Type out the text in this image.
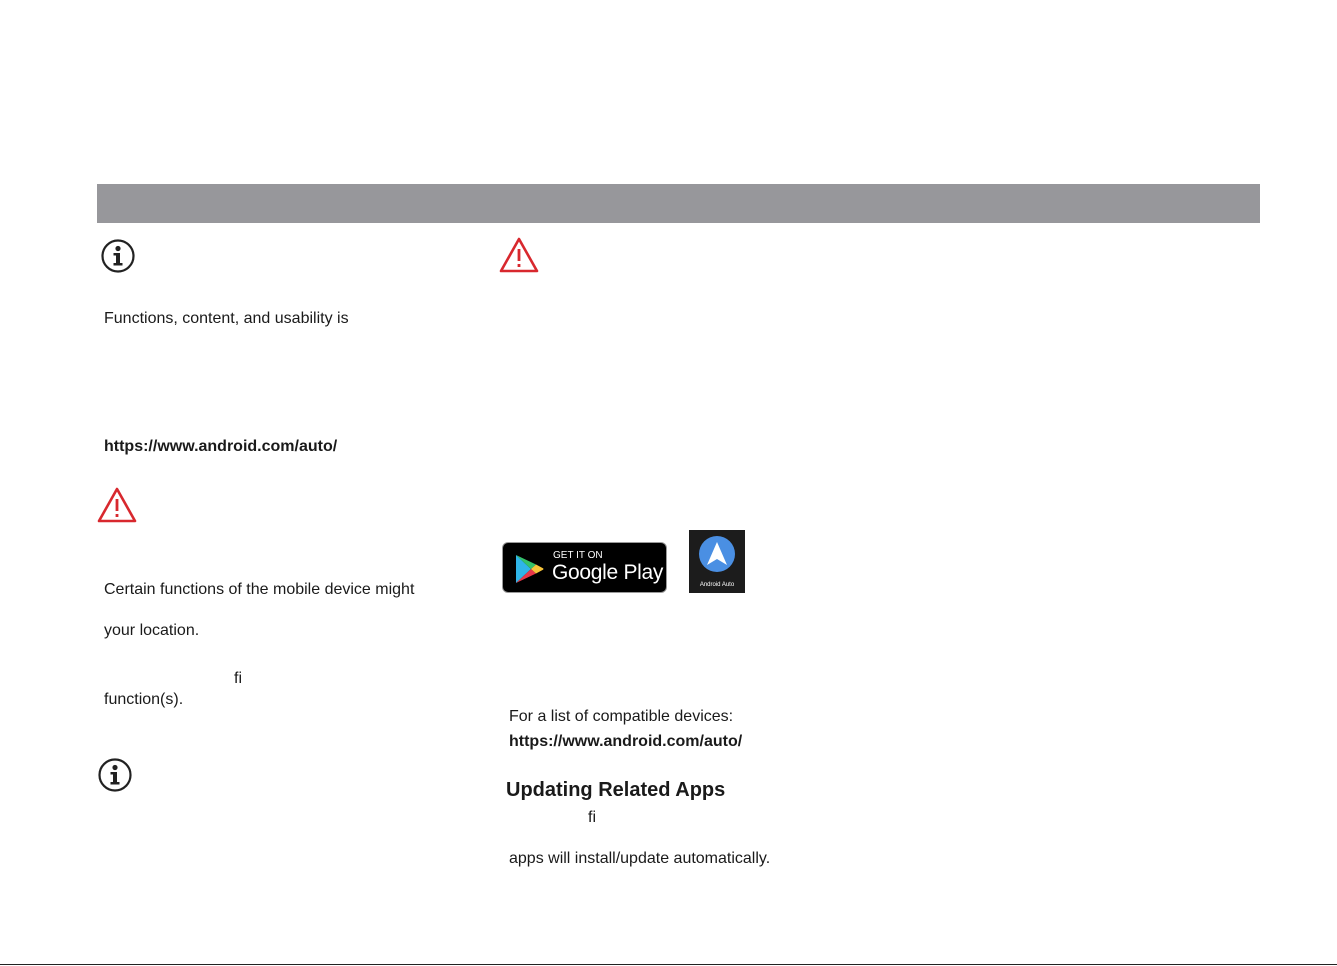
Functions, content, and usability is
https://www.android.com/auto/
Certain functions of the mobile device might
your location.
fi
function(s).
GET IT ON
Google Play
Android Auto
For a list of compatible devices:
https://www.android.com/auto/
Updating Related Apps
fi
apps will install/update automatically.
